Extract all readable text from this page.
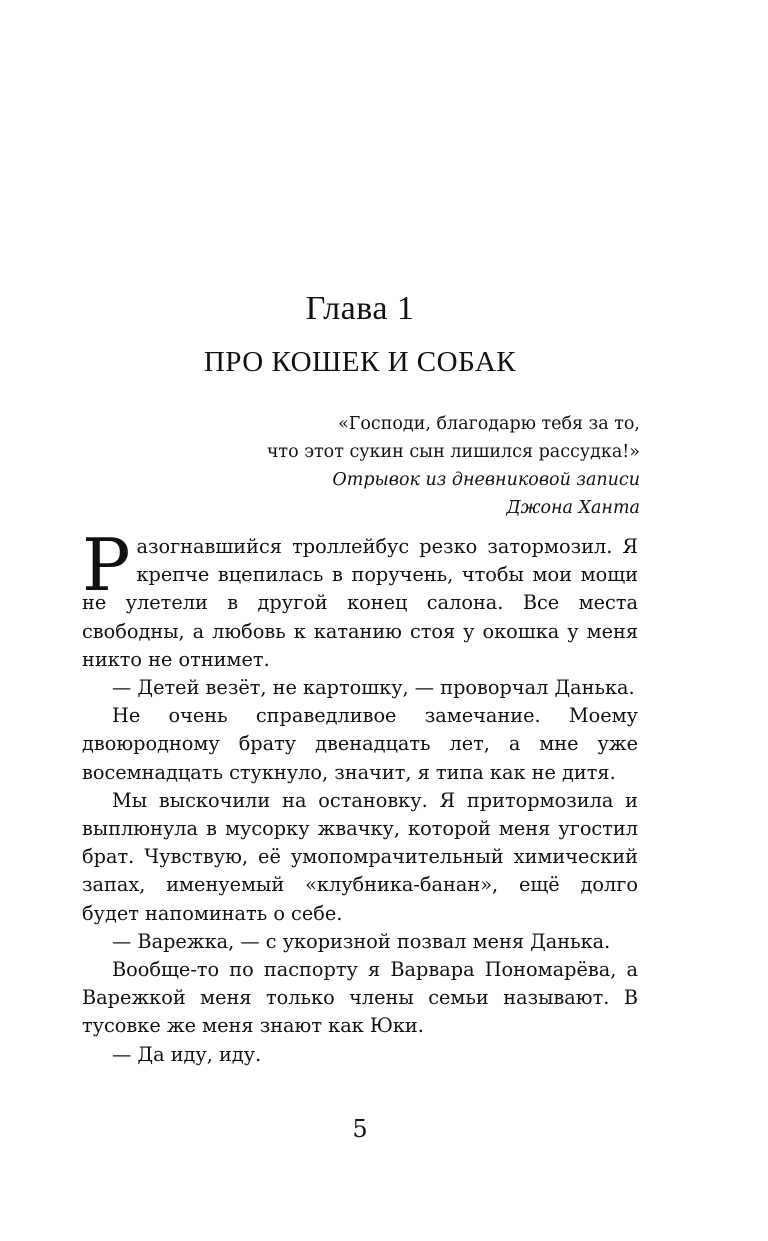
Глава 1
ПРО КОШЕК И СОБАК
«Господи, благодарю тебя за то,
что этот сукин сын лишился рассудка!»
Отрывок из дневниковой записи
Джона Ханта

Разогнавшийся троллейбус резко затормозил. Я крепче вцепилась в поручень, чтобы мои мощи не улетели в другой конец салона. Все места свободны, а любовь к катанию стоя у окошка у меня никто не отнимет.

— Детей везёт, не картошку, — проворчал Данька.

Не очень справедливое замечание. Моему двоюродному брату двенадцать лет, а мне уже восемнадцать стукнуло, значит, я типа как не дитя.

Мы выскочили на остановку. Я притормозила и выплюнула в мусорку жвачку, которой меня угостил брат. Чувствую, её умопомрачительный химический запах, именуемый «клубника-банан», ещё долго будет напоминать о себе.

— Варежка, — с укоризной позвал меня Данька.

Вообще-то по паспорту я Варвара Пономарёва, а Варежкой меня только члены семьи называют. В тусовке же меня знают как Юки.

— Да иду, иду.

5
